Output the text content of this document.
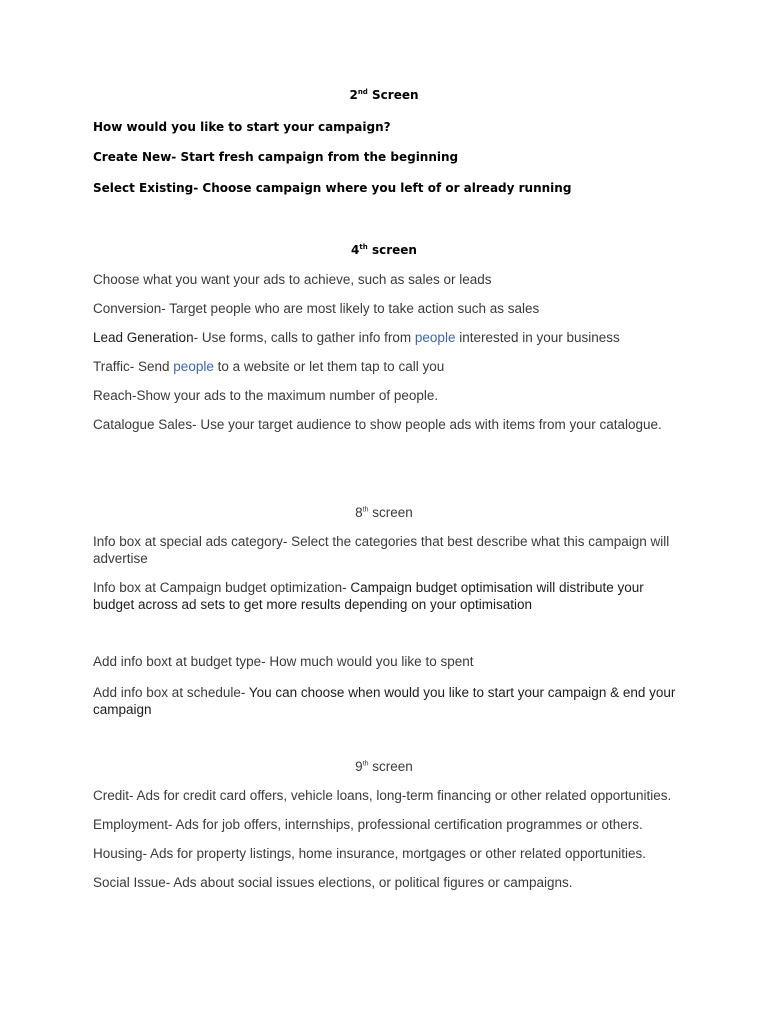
2nd Screen
How would you like to start your campaign?
Create New- Start fresh campaign from the beginning
Select Existing- Choose campaign where you left of or already running
4th screen
Choose what you want your ads to achieve, such as sales or leads
Conversion- Target people who are most likely to take action such as sales
Lead Generation- Use forms, calls to gather info from people interested in your business
Traffic- Send people to a website or let them tap to call you
Reach-Show your ads to the maximum number of people.
Catalogue Sales- Use your target audience to show people ads with items from your catalogue.
8th screen
Info box at special ads category- Select the categories that best describe what this campaign will advertise
Info box at Campaign budget optimization- Campaign budget optimisation will distribute your budget across ad sets to get more results depending on your optimisation
Add info boxt at budget type- How much would you like to spent
Add info box at schedule- You can choose when would you like to start your campaign & end your campaign
9th screen
Credit- Ads for credit card offers, vehicle loans, long-term financing or other related opportunities.
Employment- Ads for job offers, internships, professional certification programmes or others.
Housing- Ads for property listings, home insurance, mortgages or other related opportunities.
Social Issue- Ads about social issues elections, or political figures or campaigns.
